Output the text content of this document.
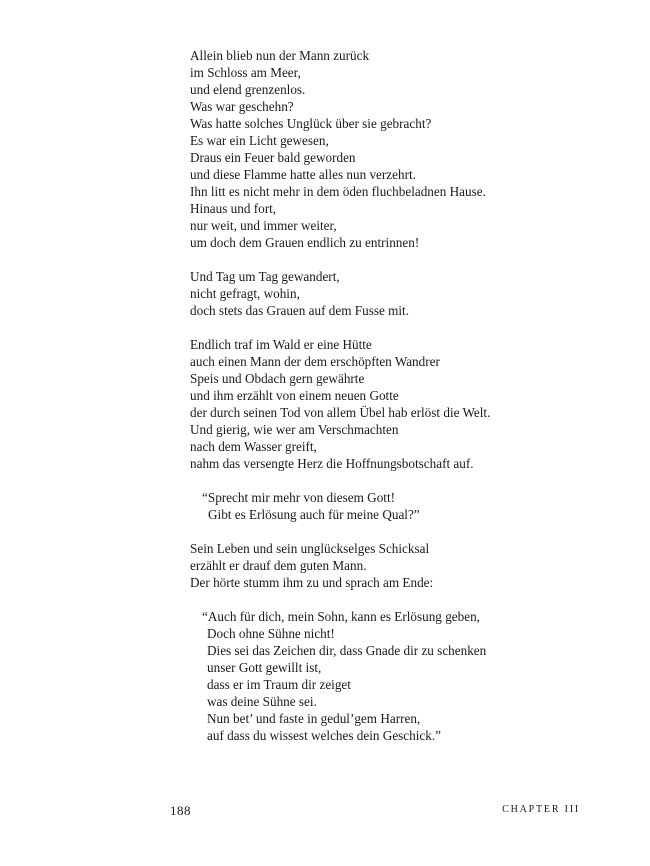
Allein blieb nun der Mann zurück
im Schloss am Meer,
und elend grenzenlos.
Was war geschehn?
Was hatte solches Unglück über sie gebracht?
Es war ein Licht gewesen,
Draus ein Feuer bald geworden
und diese Flamme hatte alles nun verzehrt.
Ihn litt es nicht mehr in dem öden fluchbeladnen Hause.
Hinaus und fort,
nur weit, und immer weiter,
um doch dem Grauen endlich zu entrinnen!
Und Tag um Tag gewandert,
nicht gefragt, wohin,
doch stets das Grauen auf dem Fusse mit.
Endlich traf im Wald er eine Hütte
auch einen Mann der dem erschöpften Wandrer
Speis und Obdach gern gewährte
und ihm erzählt von einem neuen Gotte
der durch seinen Tod von allem Übel hab erlöst die Welt.
Und gierig, wie wer am Verschmachten
nach dem Wasser greift,
nahm das versengte Herz die Hoffnungsbotschaft auf.
“Sprecht mir mehr von diesem Gott!
Gibt es Erlösung auch für meine Qual?”
Sein Leben und sein unglückselges Schicksal
erzählt er drauf dem guten Mann.
Der hörte stumm ihm zu und sprach am Ende:
“Auch für dich, mein Sohn, kann es Erlösung geben,
Doch ohne Sühne nicht!
Dies sei das Zeichen dir, dass Gnade dir zu schenken
unser Gott gewillt ist,
dass er im Traum dir zeiget
was deine Sühne sei.
Nun bet’ und faste in gedul’gem Harren,
auf dass du wissest welches dein Geschick.”
188	CHAPTER III
